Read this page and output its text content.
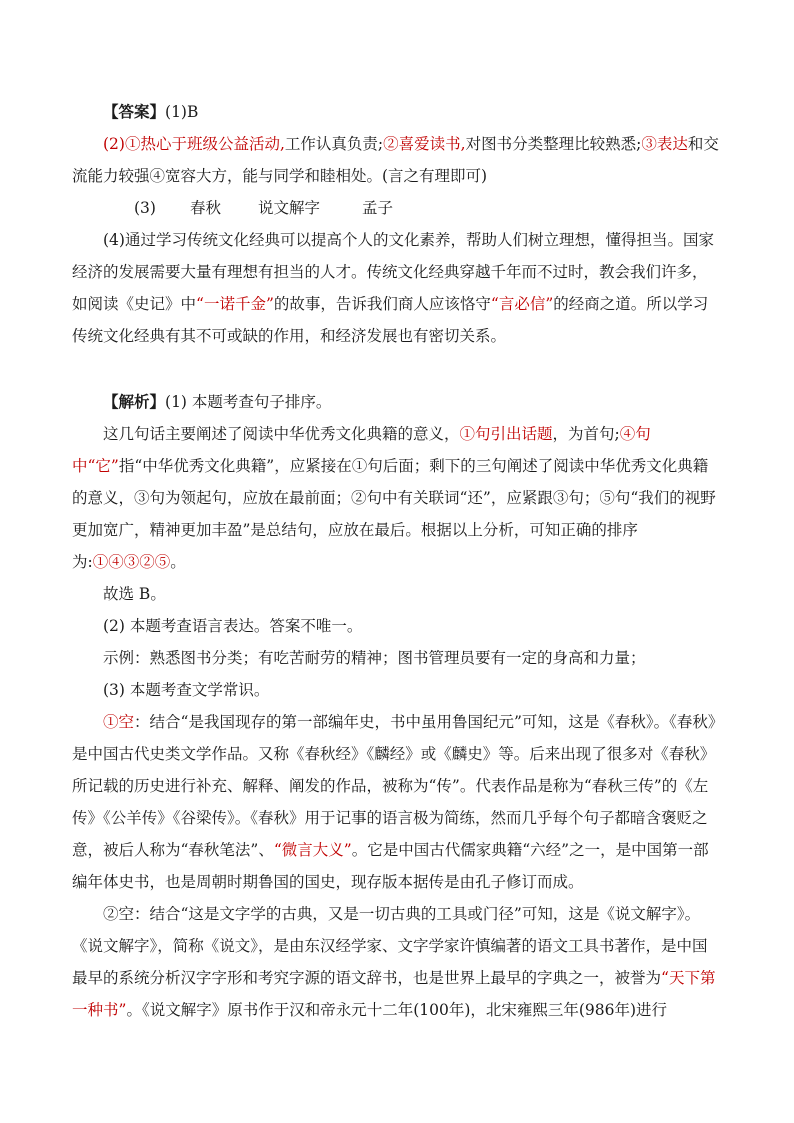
【答案】(1)B

(2)①热心于班级公益活动,工作认真负责;②喜爱读书,对图书分类整理比较熟悉;③表达和交流能力较强④宽容大方，能与同学和睦相处。(言之有理即可)

(3) 春秋 说文解字	孟子

(4)通过学习传统文化经典可以提高个人的文化素养，帮助人们树立理想，懂得担当。国家经济的发展需要大量有理想有担当的人才。传统文化经典穿越千年而不过时，教会我们许多，如阅读《史记》中“一诺千金”的故事，告诉我们商人应该恪守“言必信”的经商之道。所以学习传统文化经典有其不可或缺的作用，和经济发展也有密切关系。

【解析】(1) 本题考查句子排序。

这几句话主要阐述了阅读中华优秀文化典籍的意义，①句引出话题，为首句;④句中“它”指“中华优秀文化典籍”，应紧接在①句后面；剩下的三句阐述了阅读中华优秀文化典籍的意义，③句为领起句，应放在最前面；②句中有关联词“还”，应紧跟③句；⑤句“我们的视野更加宽广，精神更加丰盈”是总结句，应放在最后。根据以上分析，可知正确的排序为:①④③②⑤。

故选 B。

(2) 本题考查语言表达。答案不唯一。

示例：熟悉图书分类；有吃苦耐劳的精神；图书管理员要有一定的身高和力量；

(3) 本题考查文学常识。

①空：结合“是我国现存的第一部编年史，书中虽用鲁国纪元”可知，这是《春秋》。《春秋》是中国古代史类文学作品。又称《春秋经》《麟经》或《麟史》等。后来出现了很多对《春秋》所记载的历史进行补充、解释、阐发的作品，被称为“传”。代表作品是称为“春秋三传”的《左传》《公羊传》《谷梁传》。《春秋》用于记事的语言极为简练，然而几乎每个句子都暗含褒贬之意，被后人称为“春秋笔法”、“微言大义”。它是中国古代儒家典籍“六经”之一，是中国第一部编年体史书，也是周朝时期鲁国的国史，现存版本据传是由孔子修订而成。

②空：结合“这是文字学的古典，又是一切古典的工具或门径”可知，这是《说文解字》。《说文解字》，简称《说文》，是由东汉经学家、文字学家许慎编著的语文工具书著作，是中国最早的系统分析汉字字形和考究字源的语文辞书，也是世界上最早的字典之一，被誉为“天下第一种书”。《说文解字》原书作于汉和帝永元十二年(100年)，北宋雍熙三年(986年)进行
